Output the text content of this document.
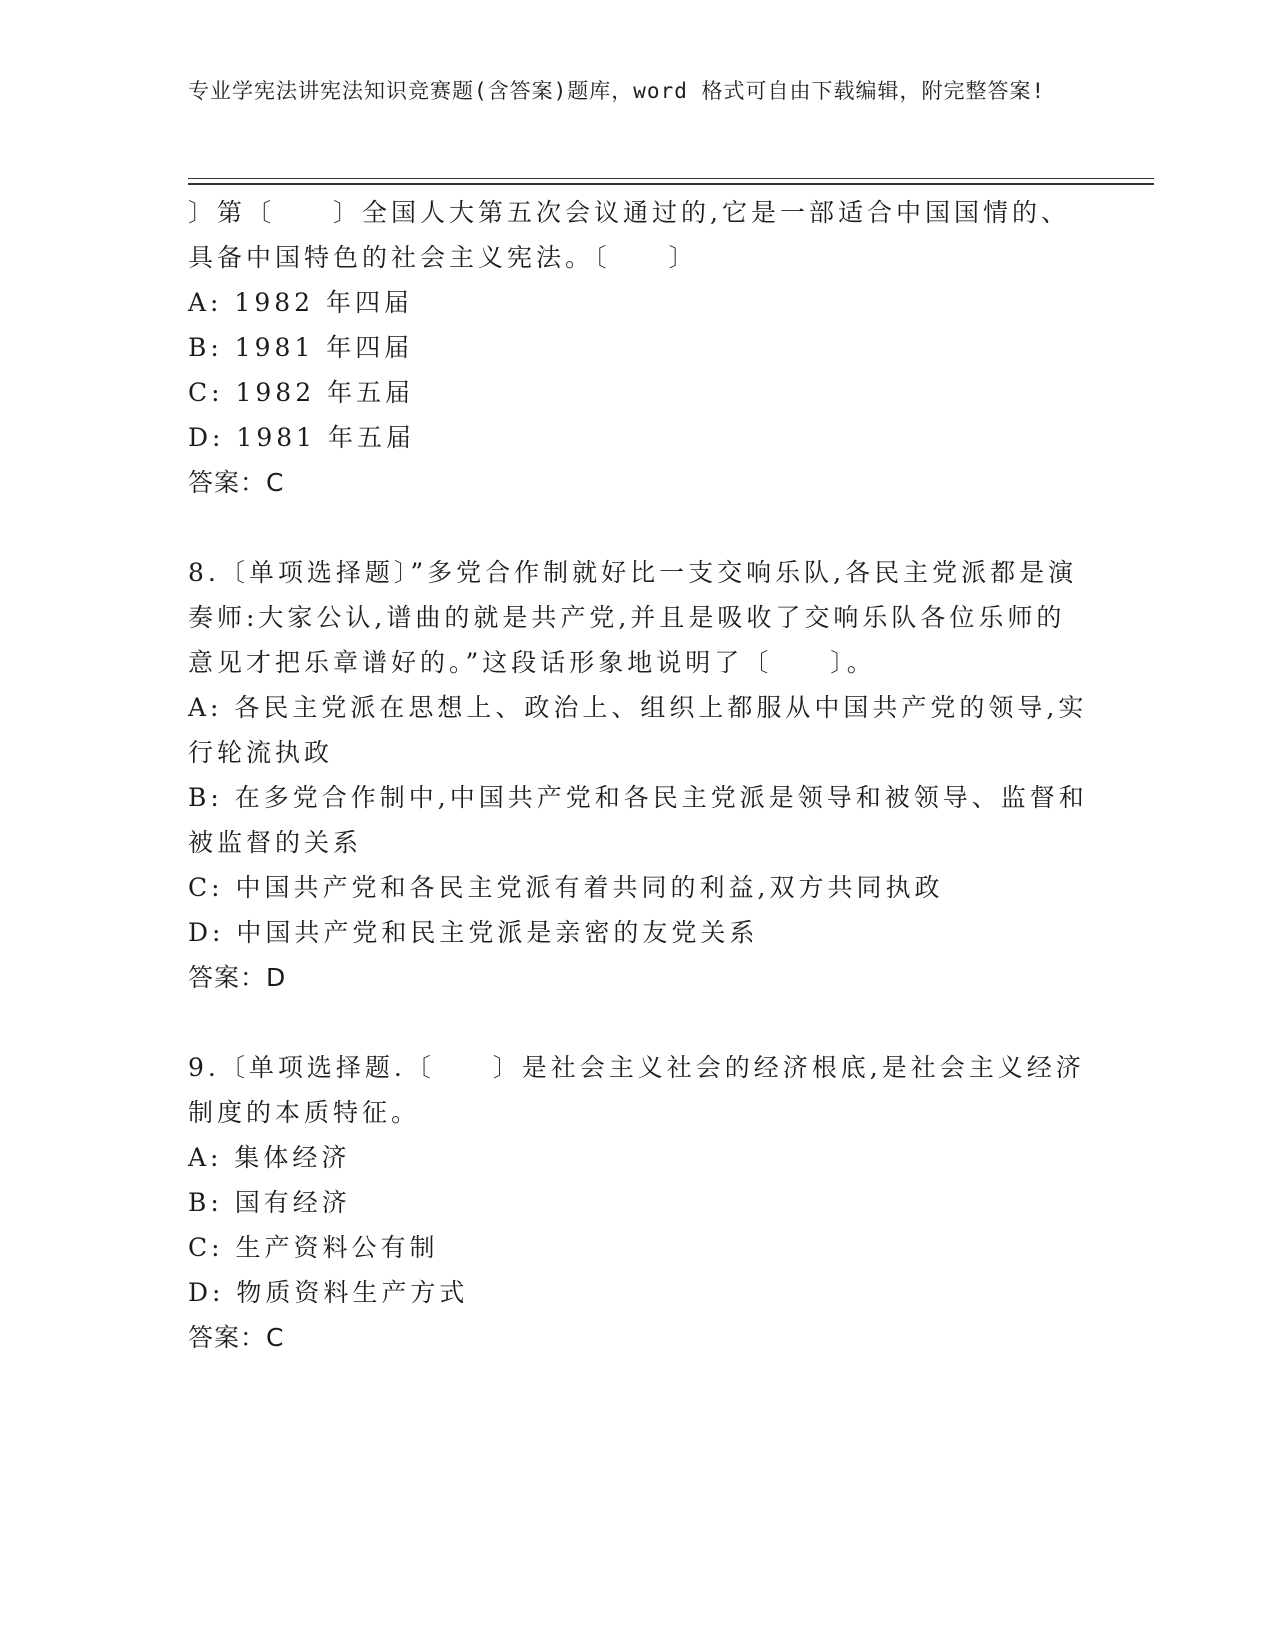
专业学宪法讲宪法知识竞赛题(含答案)题库，word 格式可自由下载编辑，附完整答案!

〕第〔　　〕全国人大第五次会议通过的,它是一部适合中国国情的、具备中国特色的社会主义宪法。〔　　〕

A: 1982 年四届

B: 1981 年四届

C: 1982 年五届

D: 1981 年五届

答案：C

8.〔单项选择题〕”多党合作制就好比一支交响乐队,各民主党派都是演奏师:大家公认,谱曲的就是共产党,并且是吸收了交响乐队各位乐师的意见才把乐章谱好的。”这段话形象地说明了〔　　〕。

A: 各民主党派在思想上、政治上、组织上都服从中国共产党的领导,实行轮流执政

B: 在多党合作制中,中国共产党和各民主党派是领导和被领导、监督和被监督的关系

C: 中国共产党和各民主党派有着共同的利益,双方共同执政

D: 中国共产党和民主党派是亲密的友党关系

答案：D

9.〔单项选择题.〔　　〕是社会主义社会的经济根底,是社会主义经济制度的本质特征。

A: 集体经济

B: 国有经济

C: 生产资料公有制

D: 物质资料生产方式

答案：C
